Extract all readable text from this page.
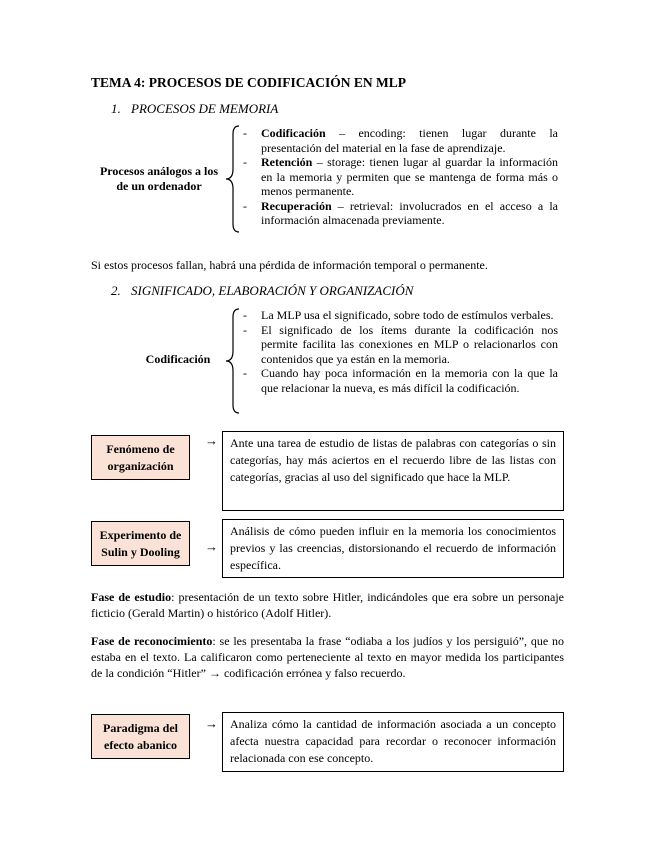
TEMA 4: PROCESOS DE CODIFICACIÓN EN MLP
1. PROCESOS DE MEMORIA
Procesos análogos a los de un ordenador
- Codificación – encoding: tienen lugar durante la presentación del material en la fase de aprendizaje.
- Retención – storage: tienen lugar al guardar la información en la memoria y permiten que se mantenga de forma más o menos permanente.
- Recuperación – retrieval: involucrados en el acceso a la información almacenada previamente.
Si estos procesos fallan, habrá una pérdida de información temporal o permanente.
2. SIGNIFICADO, ELABORACIÓN Y ORGANIZACIÓN
Codificación
- La MLP usa el significado, sobre todo de estímulos verbales.
- El significado de los ítems durante la codificación nos permite facilita las conexiones en MLP o relacionarlos con contenidos que ya están en la memoria.
- Cuando hay poca información en la memoria con la que la que relacionar la nueva, es más difícil la codificación.
Fenómeno de organización
→ Ante una tarea de estudio de listas de palabras con categorías o sin categorías, hay más aciertos en el recuerdo libre de las listas con categorías, gracias al uso del significado que hace la MLP.
Experimento de Sulin y Dooling	→
Análisis de cómo pueden influir en la memoria los conocimientos previos y las creencias, distorsionando el recuerdo de información específica.
Fase de estudio: presentación de un texto sobre Hitler, indicándoles que era sobre un personaje ficticio (Gerald Martin) o histórico (Adolf Hitler).
Fase de reconocimiento: se les presentaba la frase “odiaba a los judíos y los persiguió”, que no estaba en el texto. La calificaron como perteneciente al texto en mayor medida los participantes de la condición “Hitler” → codificación errónea y falso recuerdo.
Paradigma del efecto abanico
→ Analiza cómo la cantidad de información asociada a un concepto afecta nuestra capacidad para recordar o reconocer información relacionada con ese concepto.
